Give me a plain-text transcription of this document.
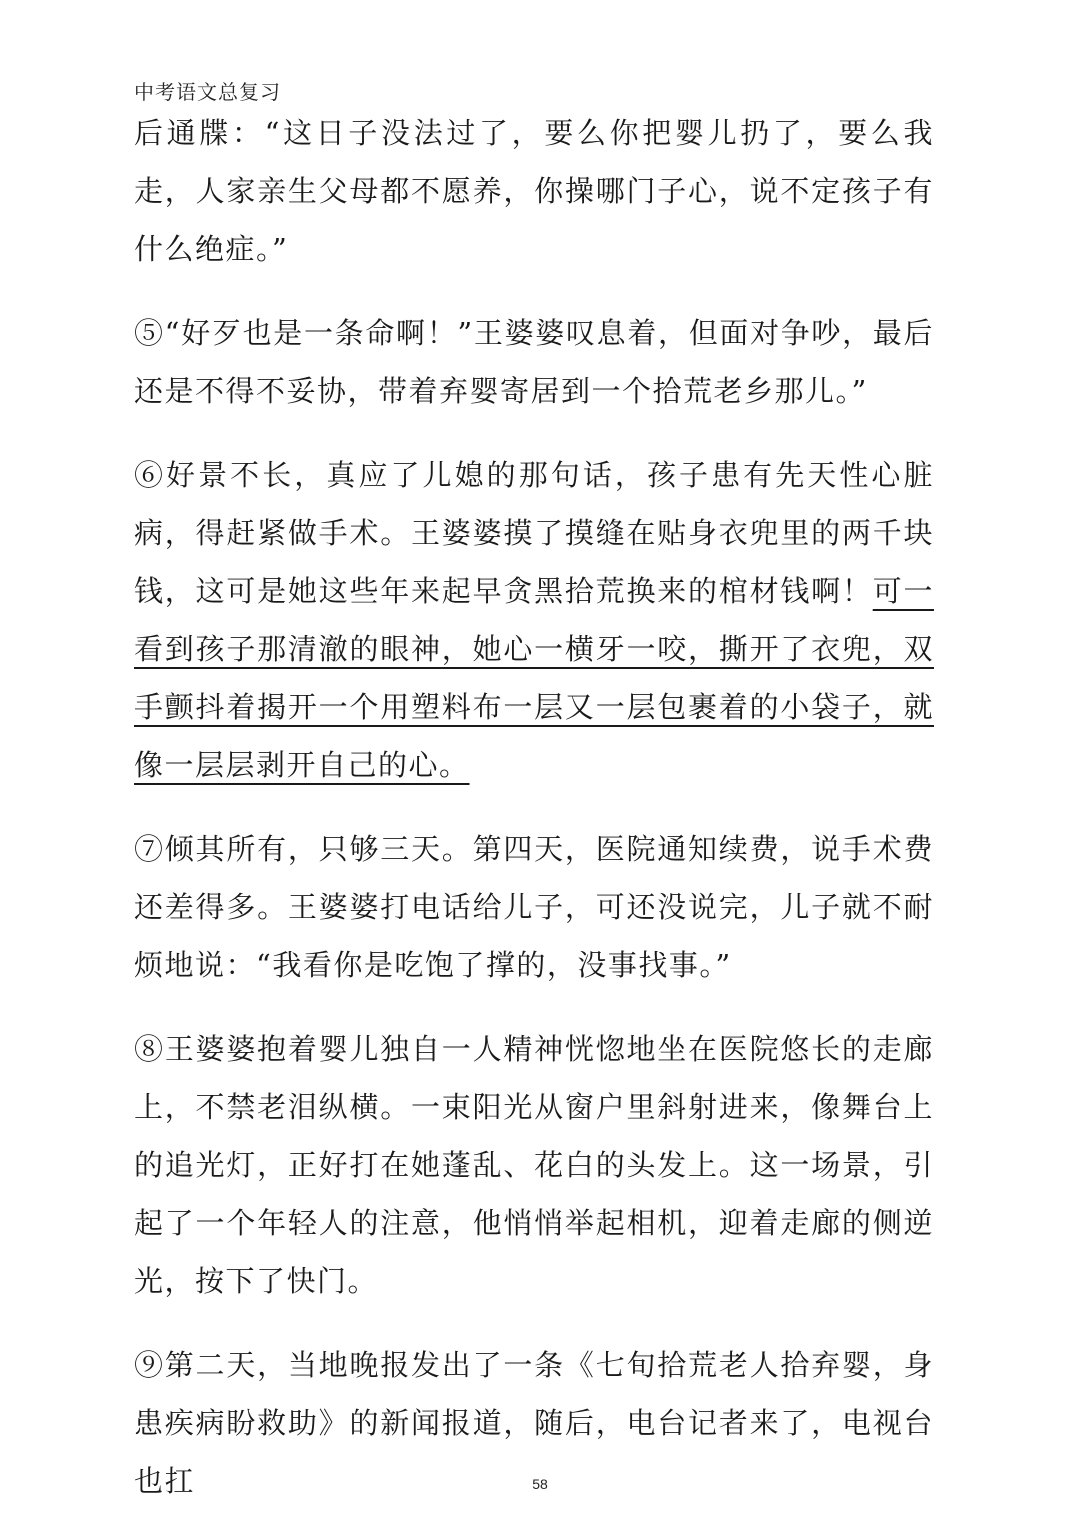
中考语文总复习

后通牒：“这日子没法过了，要么你把婴儿扔了，要么我走，人家亲生父母都不愿养，你操哪门子心，说不定孩子有什么绝症。”

⑤“好歹也是一条命啊！”王婆婆叹息着，但面对争吵，最后还是不得不妥协，带着弃婴寄居到一个拾荒老乡那儿。”

⑥好景不长，真应了儿媳的那句话，孩子患有先天性心脏病，得赶紧做手术。王婆婆摸了摸缝在贴身衣兜里的两千块钱，这可是她这些年来起早贪黑拾荒换来的棺材钱啊！可一看到孩子那清澈的眼神，她心一横牙一咬，撕开了衣兜，双手颤抖着揭开一个用塑料布一层又一层包裹着的小袋子，就像一层层剥开自己的心。

⑦倾其所有，只够三天。第四天，医院通知续费，说手术费还差得多。王婆婆打电话给儿子，可还没说完，儿子就不耐烦地说：“我看你是吃饱了撑的，没事找事。”

⑧王婆婆抱着婴儿独自一人精神恍惚地坐在医院悠长的走廊上，不禁老泪纵横。一束阳光从窗户里斜射进来，像舞台上的追光灯，正好打在她蓬乱、花白的头发上。这一场景，引起了一个年轻人的注意，他悄悄举起相机，迎着走廊的侧逆光，按下了快门。

⑨第二天，当地晚报发出了一条《七旬拾荒老人拾弃婴，身患疾病盼救助》的新闻报道，随后，电台记者来了，电视台也扛	58
